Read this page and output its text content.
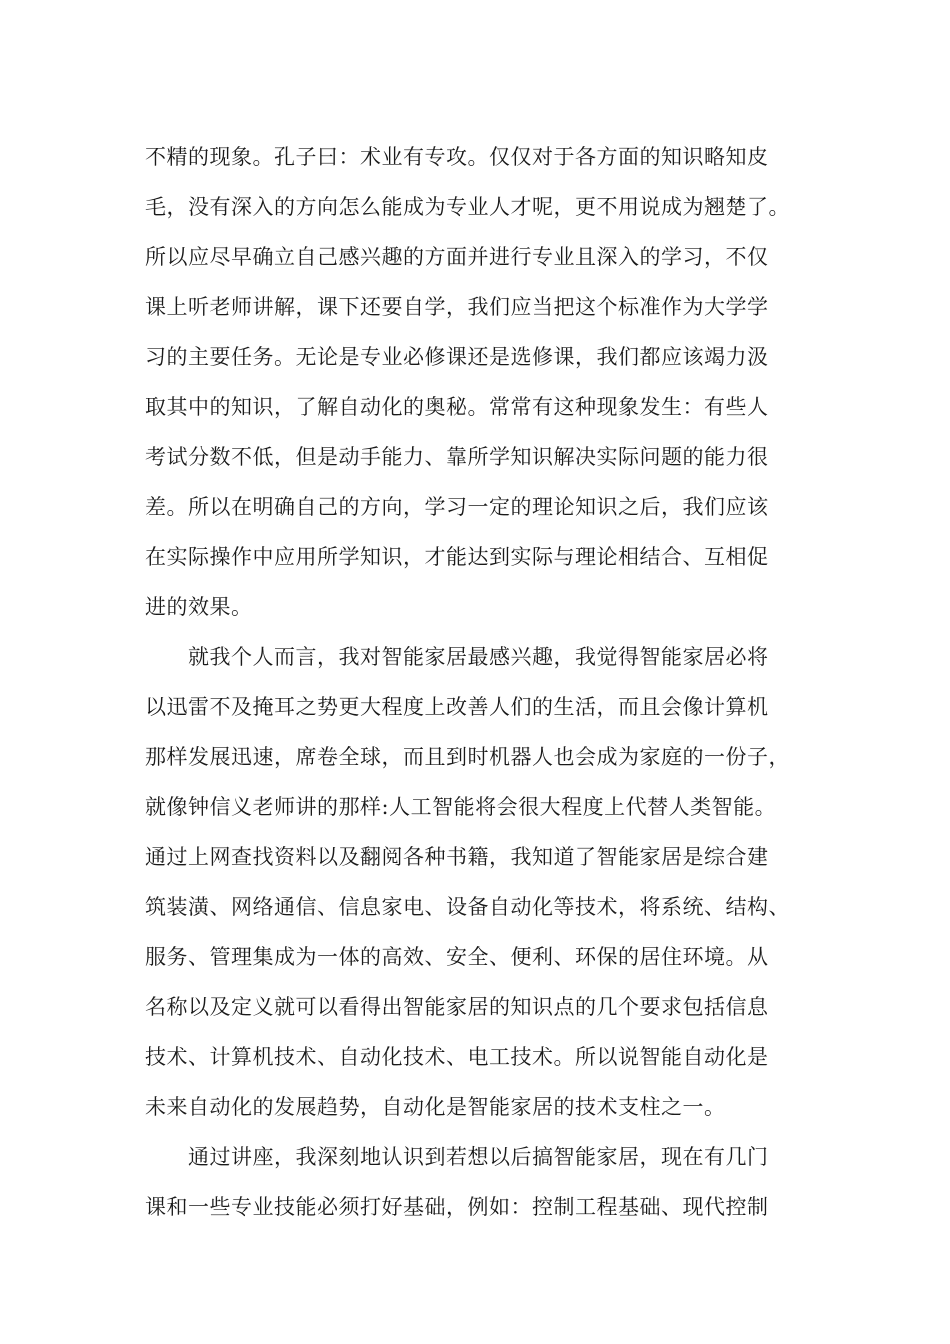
不精的现象。孔子曰：术业有专攻。仅仅对于各方面的知识略知皮
毛，没有深入的方向怎么能成为专业人才呢，更不用说成为翘楚了。
所以应尽早确立自己感兴趣的方面并进行专业且深入的学习，不仅
课上听老师讲解，课下还要自学，我们应当把这个标准作为大学学
习的主要任务。无论是专业必修课还是选修课，我们都应该竭力汲
取其中的知识，了解自动化的奥秘。常常有这种现象发生：有些人
考试分数不低，但是动手能力、靠所学知识解决实际问题的能力很
差。所以在明确自己的方向，学习一定的理论知识之后，我们应该
在实际操作中应用所学知识，才能达到实际与理论相结合、互相促
进的效果。
　　就我个人而言，我对智能家居最感兴趣，我觉得智能家居必将
以迅雷不及掩耳之势更大程度上改善人们的生活，而且会像计算机
那样发展迅速，席卷全球，而且到时机器人也会成为家庭的一份子，
就像钟信义老师讲的那样:人工智能将会很大程度上代替人类智能。
通过上网查找资料以及翻阅各种书籍，我知道了智能家居是综合建
筑装潢、网络通信、信息家电、设备自动化等技术，将系统、结构、
服务、管理集成为一体的高效、安全、便利、环保的居住环境。从
名称以及定义就可以看得出智能家居的知识点的几个要求包括信息
技术、计算机技术、自动化技术、电工技术。所以说智能自动化是
未来自动化的发展趋势，自动化是智能家居的技术支柱之一。
　　通过讲座，我深刻地认识到若想以后搞智能家居，现在有几门
课和一些专业技能必须打好基础，例如：控制工程基础、现代控制
